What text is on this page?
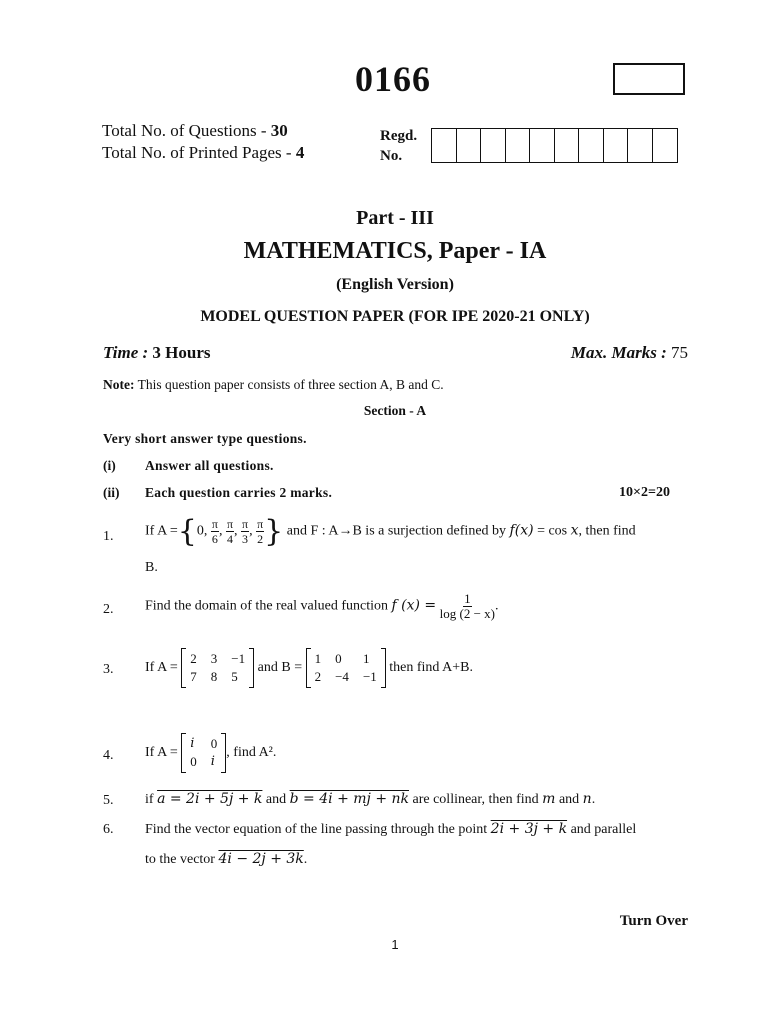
0166
Total No. of Questions - 30
Total No. of Printed Pages - 4
Regd.
No.
Part - III
MATHEMATICS, Paper - IA
(English Version)
MODEL QUESTION PAPER (FOR IPE 2020-21 ONLY)
Time : 3 Hours	Max. Marks : 75
Note: This question paper consists of three section A, B and C.
Section - A
Very short answer type questions.
(i) Answer all questions.
(ii) Each question carries 2 marks.	10×2=20
1. If A ={0, $\frac{\pi}{6}$ , $\frac{\pi}{4}$ , $\frac{\pi}{3}$ , $\frac{\pi}{2}$ } and F : A→B is a surjection defined by f(x) = cos x, then find
B.
2. Find the domain of the real valued function f $(x) = \frac{1}{\log (2 - x)}$ .
3. If A =
2 3 −1
7 8 5
and B =
1 0	1
2 −4 −1
then find A+B.
4. If A =
i 0
0 i
, find A².
5. if a = 2i + 5j + k and b = 4i + mj + nk are collinear, then find m and n.
6. Find the vector equation of the line passing through the point 2i + 3j + k and parallel
to the vector 4i − 2j + 3k.
Turn Over
1
